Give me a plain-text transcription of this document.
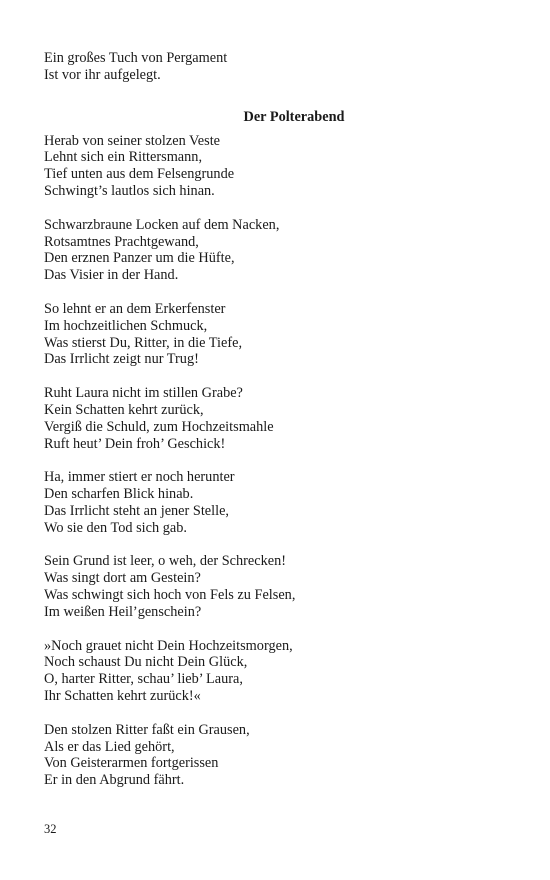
Ein großes Tuch von Pergament

Ist vor ihr aufgelegt.

Der Polterabend

Herab von seiner stolzen Veste

Lehnt sich ein Rittersmann,

Tief unten aus dem Felsengrunde

Schwingt’s lautlos sich hinan.

Schwarzbraune Locken auf dem Nacken,

Rotsamtnes Prachtgewand,

Den erznen Panzer um die Hüfte,

Das Visier in der Hand.

So lehnt er an dem Erkerfenster

Im hochzeitlichen Schmuck,

Was stierst Du, Ritter, in die Tiefe,

Das Irrlicht zeigt nur Trug!

Ruht Laura nicht im stillen Grabe?

Kein Schatten kehrt zurück,

Vergiß die Schuld, zum Hochzeitsmahle

Ruft heut’ Dein froh’ Geschick!

Ha, immer stiert er noch herunter

Den scharfen Blick hinab.

Das Irrlicht steht an jener Stelle,

Wo sie den Tod sich gab.

Sein Grund ist leer, o weh, der Schrecken!

Was singt dort am Gestein?

Was schwingt sich hoch von Fels zu Felsen,

Im weißen Heil’genschein?

»Noch grauet nicht Dein Hochzeitsmorgen,

Noch schaust Du nicht Dein Glück,

O, harter Ritter, schau’ lieb’ Laura,

Ihr Schatten kehrt zurück!«

Den stolzen Ritter faßt ein Grausen,

Als er das Lied gehört,

Von Geisterarmen fortgerissen

Er in den Abgrund fährt.

32
